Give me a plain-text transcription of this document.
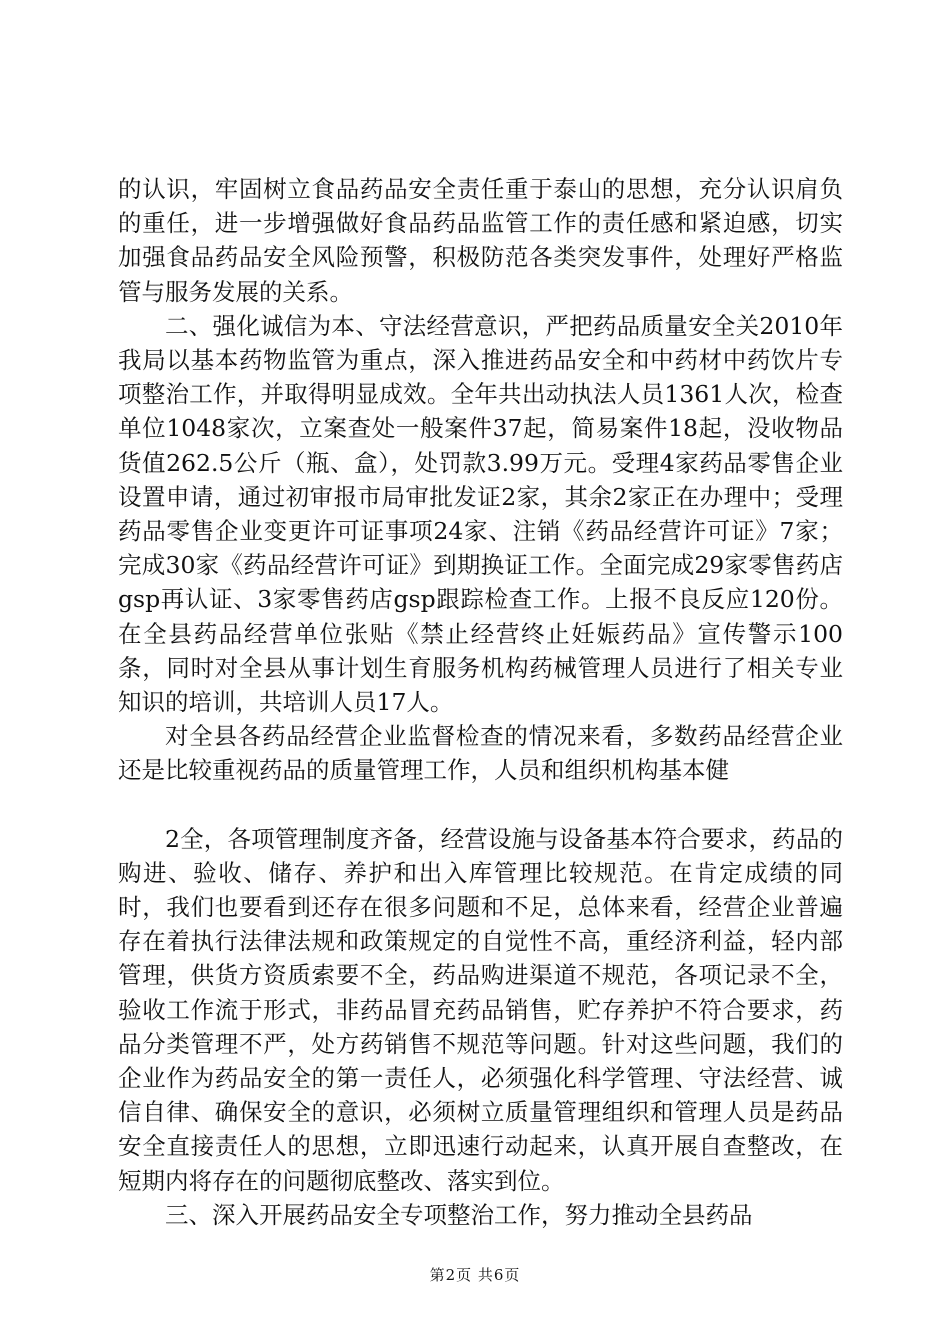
的认识，牢固树立食品药品安全责任重于泰山的思想，充分认识肩负的重任，进一步增强做好食品药品监管工作的责任感和紧迫感，切实加强食品药品安全风险预警，积极防范各类突发事件，处理好严格监管与服务发展的关系。

二、强化诚信为本、守法经营意识，严把药品质量安全关2010年我局以基本药物监管为重点，深入推进药品安全和中药材中药饮片专项整治工作，并取得明显成效。全年共出动执法人员1361人次，检查单位1048家次，立案查处一般案件37起，简易案件18起，没收物品货值262.5公斤（瓶、盒），处罚款3.99万元。受理4家药品零售企业设置申请，通过初审报市局审批发证2家，其余2家正在办理中；受理药品零售企业变更许可证事项24家、注销《药品经营许可证》7家；完成30家《药品经营许可证》到期换证工作。全面完成29家零售药店gsp再认证、3家零售药店gsp跟踪检查工作。上报不良反应120份。在全县药品经营单位张贴《禁止经营终止妊娠药品》宣传警示100条，同时对全县从事计划生育服务机构药械管理人员进行了相关专业知识的培训，共培训人员17人。

对全县各药品经营企业监督检查的情况来看，多数药品经营企业还是比较重视药品的质量管理工作，人员和组织机构基本健

2全，各项管理制度齐备，经营设施与设备基本符合要求，药品的购进、验收、储存、养护和出入库管理比较规范。在肯定成绩的同时，我们也要看到还存在很多问题和不足，总体来看，经营企业普遍存在着执行法律法规和政策规定的自觉性不高，重经济利益，轻内部管理，供货方资质索要不全，药品购进渠道不规范，各项记录不全，验收工作流于形式，非药品冒充药品销售，贮存养护不符合要求，药品分类管理不严，处方药销售不规范等问题。针对这些问题，我们的企业作为药品安全的第一责任人，必须强化科学管理、守法经营、诚信自律、确保安全的意识，必须树立质量管理组织和管理人员是药品安全直接责任人的思想，立即迅速行动起来，认真开展自查整改，在短期内将存在的问题彻底整改、落实到位。

三、深入开展药品安全专项整治工作，努力推动全县药品

第2页 共6页
